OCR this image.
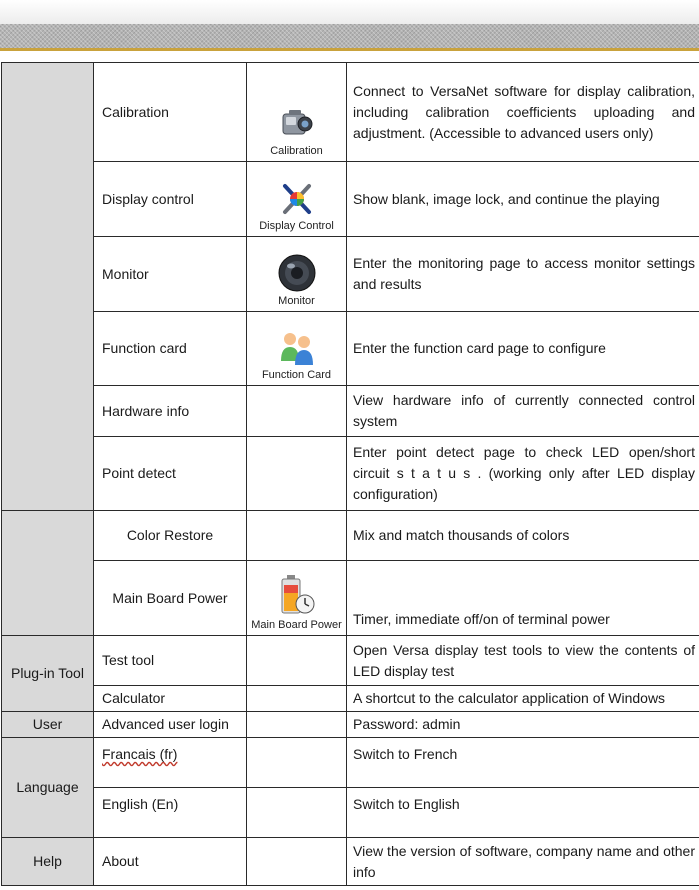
	Calibration	Calibration	Connect to VersaNet software for display calibration, including calibration coefficients uploading and adjustment. (Accessible to advanced users only)
	Display control	Display Control	Show blank, image lock, and continue the playing
	Monitor	Monitor	Enter the monitoring page to access monitor settings and results
	Function card	Function Card	Enter the function card page to configure
	Hardware info		View hardware info of currently connected control system
	Point detect		Enter point detect page to check LED open/short circuit s t a t u s . (working only after LED display configuration)
	Color Restore		Mix and match thousands of colors
	Main Board Power	Main Board Power	Timer, immediate off/on of terminal power
Plug-in Tool	Test tool		Open Versa display test tools to view the contents of LED display test
	Calculator		A shortcut to the calculator application of Windows
User	Advanced user login		Password: admin
Language	Francais (fr)		Switch to French
	English (En)		Switch to English
Help	About		View the version of software, company name and other info
